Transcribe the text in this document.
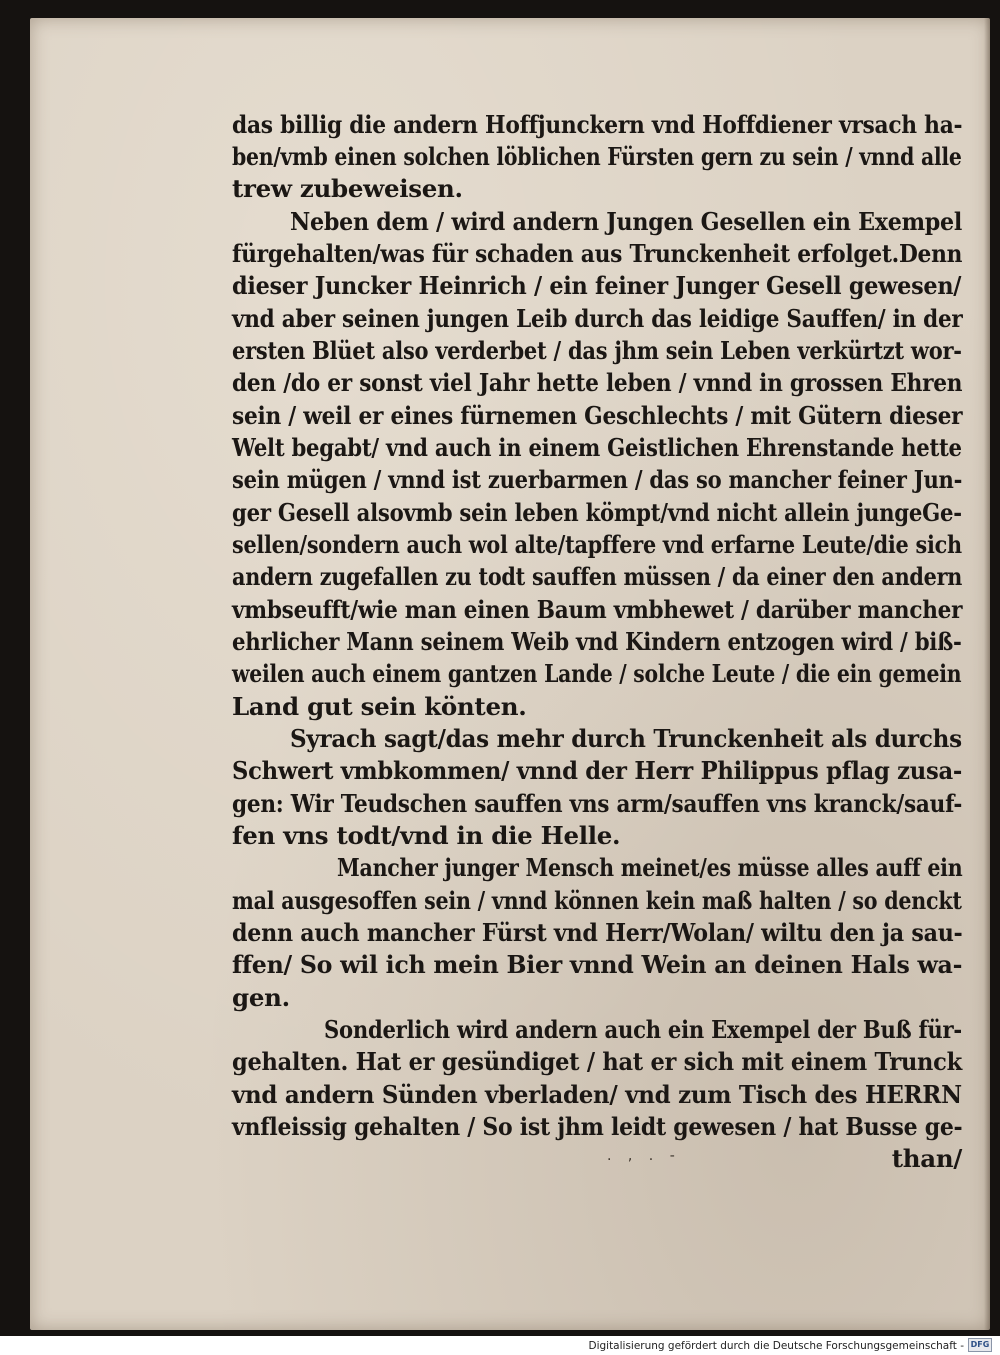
das billig die andern Hoffjunckern vnd Hoffdiener vrsach ha-
ben/vmb einen solchen löblichen Fürsten gern zu sein / vnnd alle
trew zubeweisen.
Neben dem / wird andern Jungen Gesellen ein Exempel
fürgehalten/was für schaden aus Trunckenheit erfolget.Denn
dieser Juncker Heinrich / ein feiner Junger Gesell gewesen/
vnd aber seinen jungen Leib durch das leidige Sauffen/ in der
ersten Blüet also verderbet / das jhm sein Leben verkürtzt wor-
den /do er sonst viel Jahr hette leben / vnnd in grossen Ehren
sein / weil er eines fürnemen Geschlechts / mit Gütern dieser
Welt begabt/ vnd auch in einem Geistlichen Ehrenstande hette
sein mügen / vnnd ist zuerbarmen / das so mancher feiner Jun-
ger Gesell alsovmb sein leben kömpt/vnd nicht allein jungeGe-
sellen/sondern auch wol alte/tapffere vnd erfarne Leute/die sich
andern zugefallen zu todt sauffen müssen / da einer den andern
vmbseufft/wie man einen Baum vmbhewet / darüber mancher
ehrlicher Mann seinem Weib vnd Kindern entzogen wird / biß-
weilen auch einem gantzen Lande / solche Leute / die ein gemein
Land gut sein könten.
Syrach sagt/das mehr durch Trunckenheit als durchs
Schwert vmbkommen/ vnnd der Herr Philippus pflag zusa-
gen: Wir Teudschen sauffen vns arm/sauffen vns kranck/sauf-
fen vns todt/vnd in die Helle.
Mancher junger Mensch meinet/es müsse alles auff ein
mal ausgesoffen sein / vnnd können kein maß halten / so denckt
denn auch mancher Fürst vnd Herr/Wolan/ wiltu den ja sau-
ffen/ So wil ich mein Bier vnnd Wein an deinen Hals wa-
gen.
Sonderlich wird andern auch ein Exempel der Buß für-
gehalten. Hat er gesündiget / hat er sich mit einem Trunck
vnd andern Sünden vberladen/ vnd zum Tisch des HERRN
vnfleissig gehalten / So ist jhm leidt gewesen / hat Busse ge-
than/
. , . -
Digitalisierung gefördert durch die Deutsche Forschungsgemeinschaft - DFG
